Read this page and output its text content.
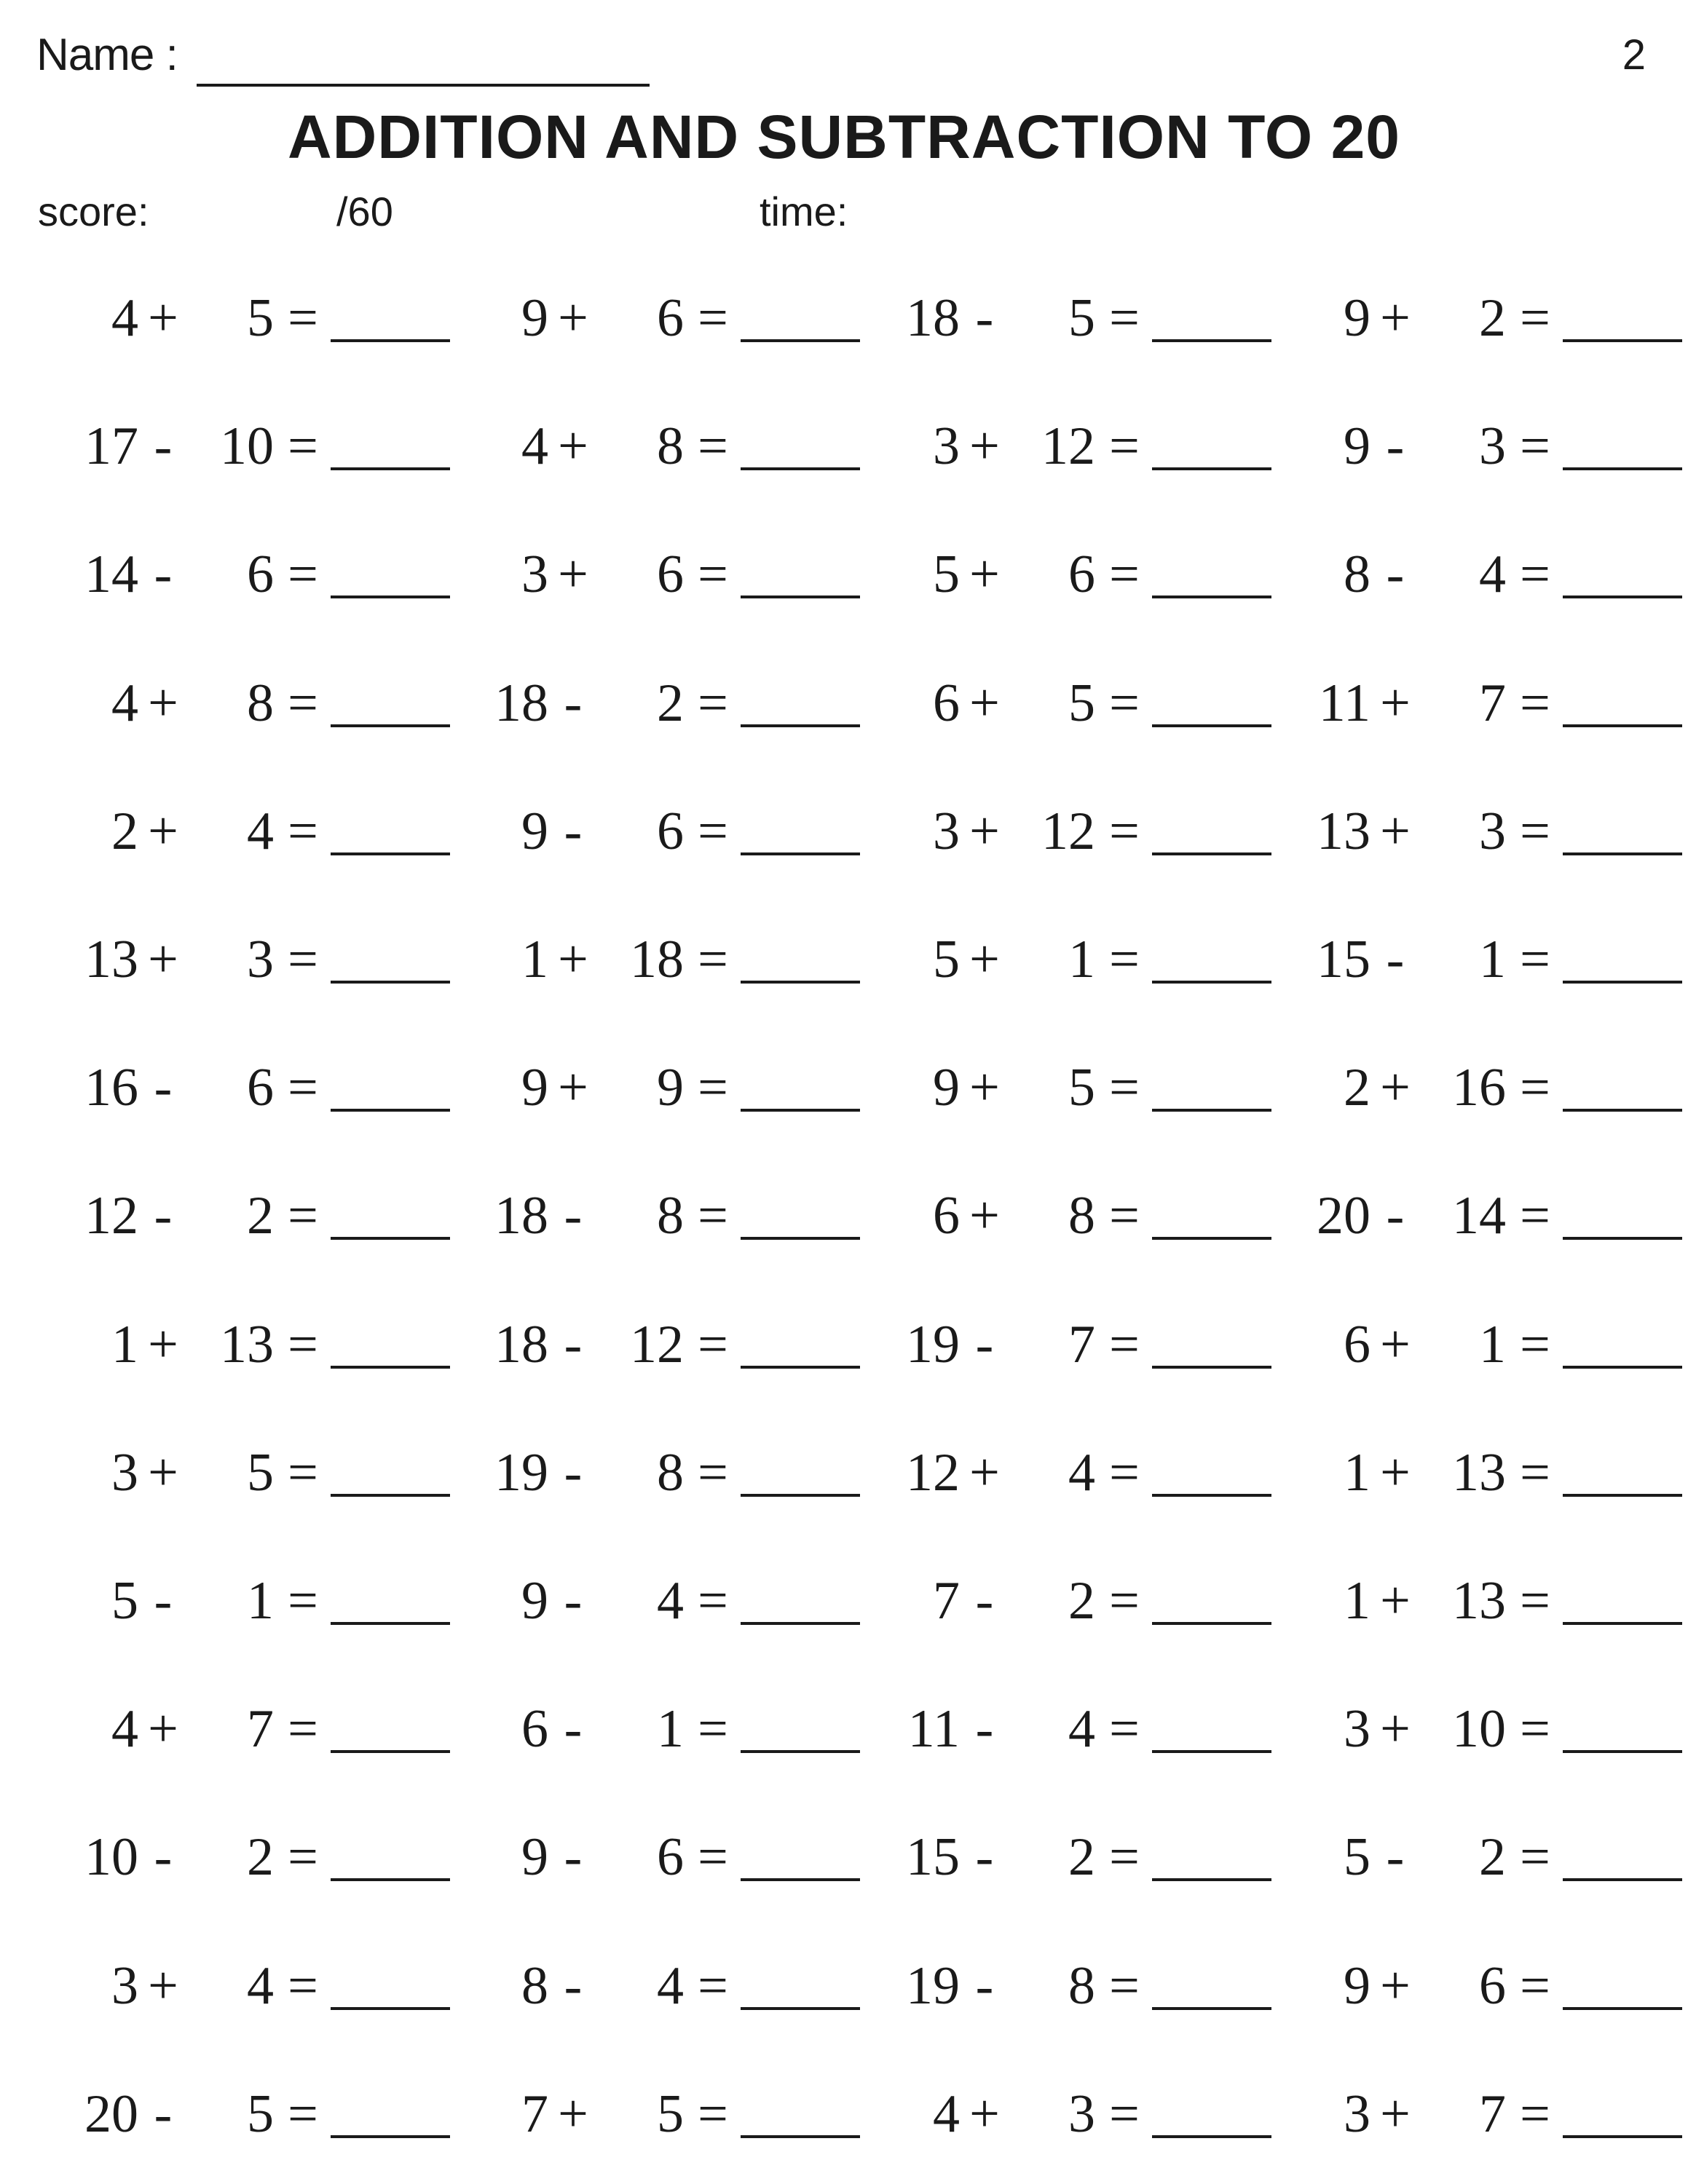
Name :	2
ADDITION AND SUBTRACTION TO 20
score:	/60	time:
4 +	5 =	9 +	6 =	18 -	5 =	9 +	2 =
17 - 10 =	4 +	8 =	3 + 12 =	9 -	3 =
14 -	6 =	3 +	6 =	5 +	6 =	8 -	4 =
4 +	8 =	18 -	2 =	6 +	5 =	11 +	7 =
2 +	4 =	9 -	6 =	3 + 12 =	13 +	3 =
13 +	3 =	1 + 18 =	5 +	1 =	15 -	1 =
16 -	6 =	9 +	9 =	9 +	5 =	2 + 16 =
12 -	2 =	18 -	8 =	6 +	8 =	20 - 14 =
1 + 13 =	18 - 12 =	19 -	7 =	6 +	1 =
3 +	5 =	19 -	8 =	12 +	4 =	1 + 13 =
5 -	1 =	9 -	4 =	7 -	2 =	1 + 13 =
4 +	7 =	6 -	1 =	11 -	4 =	3 + 10 =
10 -	2 =	9 -	6 =	15 -	2 =	5 -	2 =
3 +	4 =	8 -	4 =	19 -	8 =	9 +	6 =
20 -	5 =	7 +	5 =	4 +	3 =	3 +	7 =
